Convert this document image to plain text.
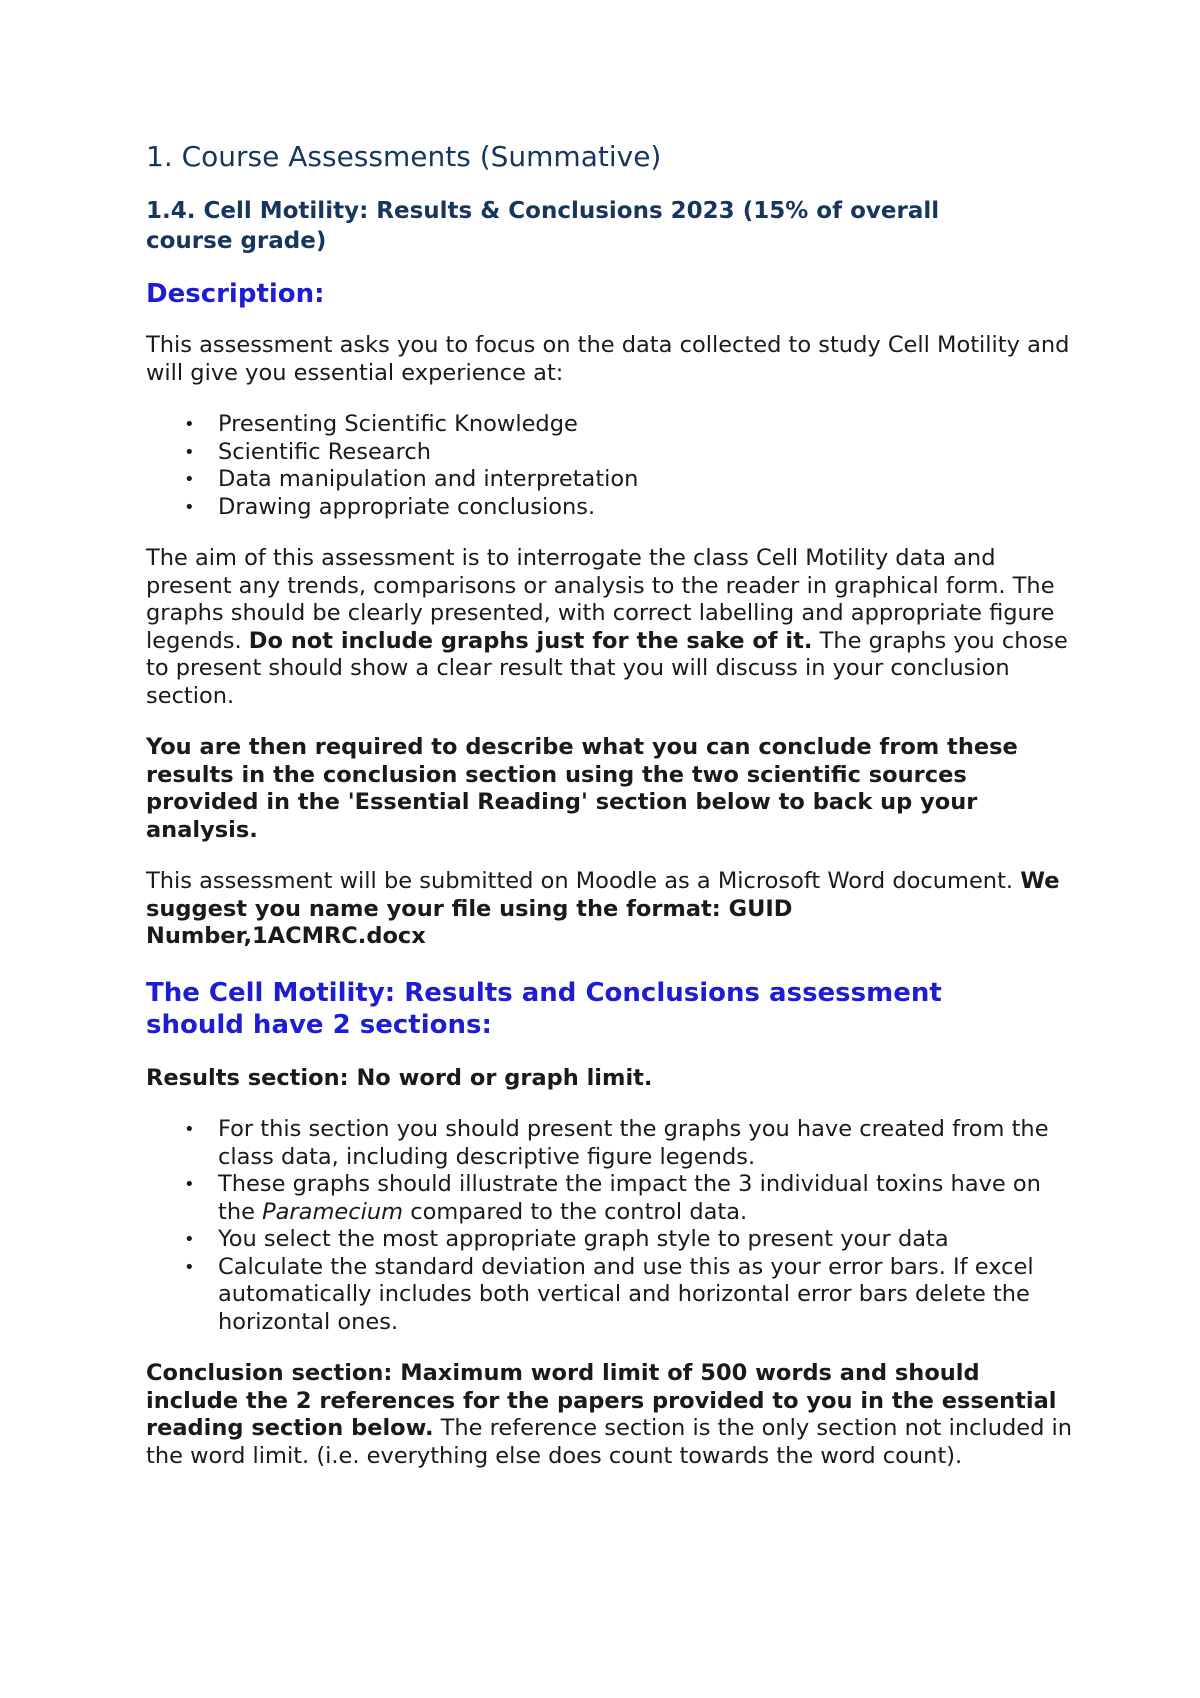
1. Course Assessments (Summative)
1.4. Cell Motility: Results & Conclusions 2023 (15% of overall course grade)
Description:

This assessment asks you to focus on the data collected to study Cell Motility and will give you essential experience at:

• Presenting Scientific Knowledge
• Scientific Research
• Data manipulation and interpretation
• Drawing appropriate conclusions.

The aim of this assessment is to interrogate the class Cell Motility data and present any trends, comparisons or analysis to the reader in graphical form. The graphs should be clearly presented, with correct labelling and appropriate figure legends. Do not include graphs just for the sake of it. The graphs you chose to present should show a clear result that you will discuss in your conclusion section.

You are then required to describe what you can conclude from these results in the conclusion section using the two scientific sources provided in the 'Essential Reading' section below to back up your analysis.

This assessment will be submitted on Moodle as a Microsoft Word document. We suggest you name your file using the format: GUID Number,1ACMRC.docx

The Cell Motility: Results and Conclusions assessment should have 2 sections:

Results section: No word or graph limit.

• For this section you should present the graphs you have created from the class data, including descriptive figure legends.
• These graphs should illustrate the impact the 3 individual toxins have on the Paramecium compared to the control data.
• You select the most appropriate graph style to present your data
• Calculate the standard deviation and use this as your error bars. If excel automatically includes both vertical and horizontal error bars delete the horizontal ones.

Conclusion section: Maximum word limit of 500 words and should include the 2 references for the papers provided to you in the essential reading section below. The reference section is the only section not included in the word limit. (i.e. everything else does count towards the word count).
